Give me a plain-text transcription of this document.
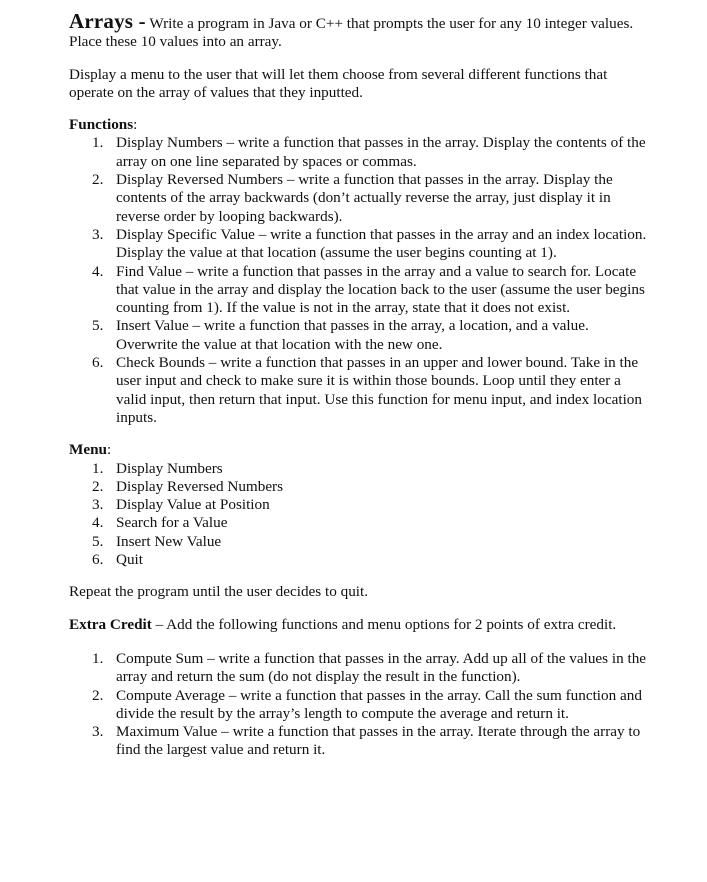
Arrays - Write a program in Java or C++ that prompts the user for any 10 integer values. Place these 10 values into an array.

Display a menu to the user that will let them choose from several different functions that operate on the array of values that they inputted.

Functions:

1. Display Numbers – write a function that passes in the array. Display the contents of the array on one line separated by spaces or commas.
2. Display Reversed Numbers – write a function that passes in the array. Display the contents of the array backwards (don’t actually reverse the array, just display it in reverse order by looping backwards).
3. Display Specific Value – write a function that passes in the array and an index location. Display the value at that location (assume the user begins counting at 1).
4. Find Value – write a function that passes in the array and a value to search for. Locate that value in the array and display the location back to the user (assume the user begins counting from 1). If the value is not in the array, state that it does not exist.
5. Insert Value – write a function that passes in the array, a location, and a value. Overwrite the value at that location with the new one.
6. Check Bounds – write a function that passes in an upper and lower bound. Take in the user input and check to make sure it is within those bounds. Loop until they enter a valid input, then return that input. Use this function for menu input, and index location inputs.

Menu:

1. Display Numbers
2. Display Reversed Numbers
3. Display Value at Position
4. Search for a Value
5. Insert New Value
6. Quit

Repeat the program until the user decides to quit.

Extra Credit – Add the following functions and menu options for 2 points of extra credit.

1. Compute Sum – write a function that passes in the array. Add up all of the values in the array and return the sum (do not display the result in the function).
2. Compute Average – write a function that passes in the array. Call the sum function and divide the result by the array’s length to compute the average and return it.
3. Maximum Value – write a function that passes in the array. Iterate through the array to find the largest value and return it.
